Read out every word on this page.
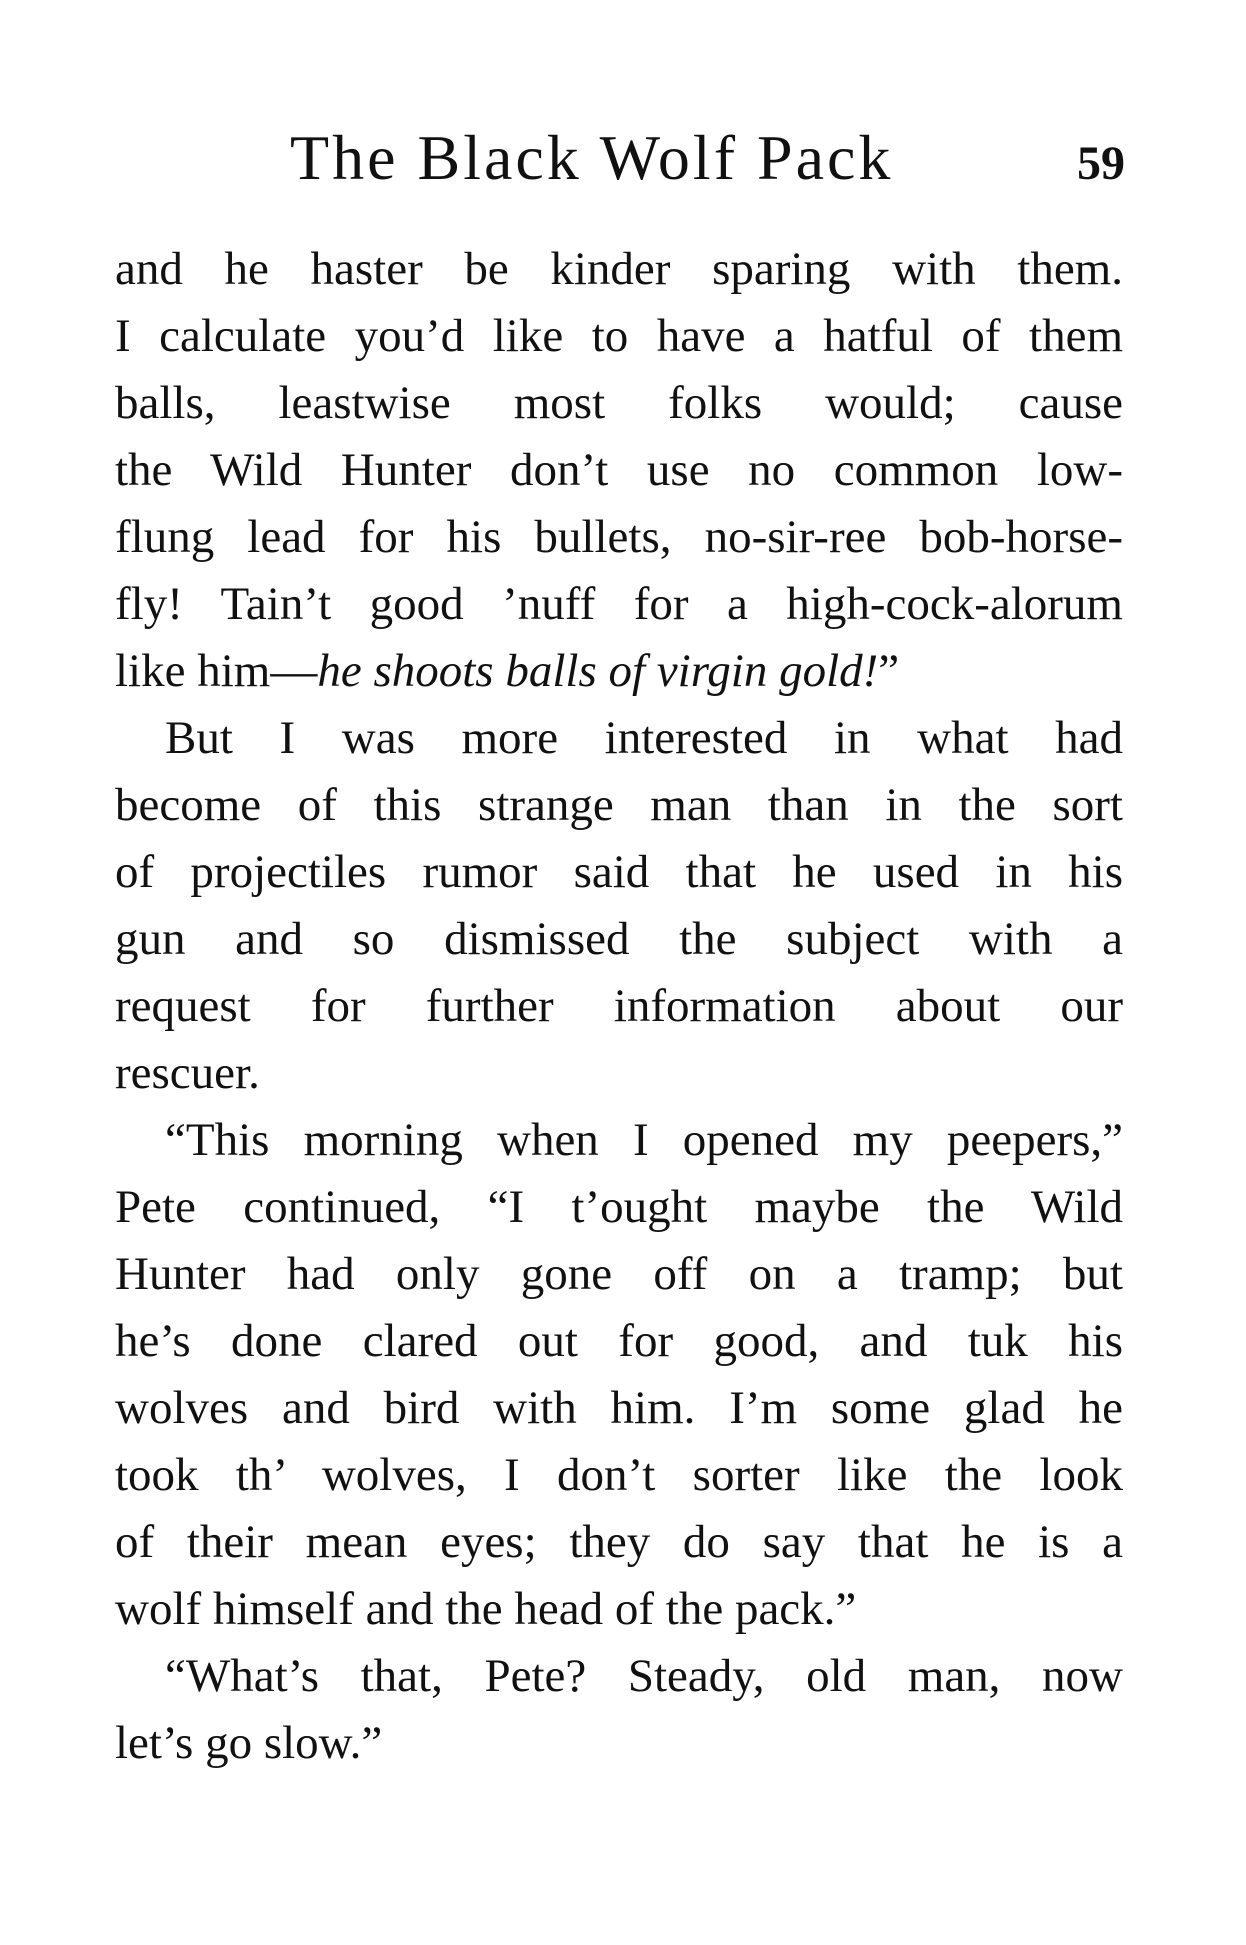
The Black Wolf Pack	59
and he haster be kinder sparing with them.
I calculate you’d like to have a hatful of them
balls, leastwise most folks would; cause
the Wild Hunter don’t use no common low-
flung lead for his bullets, no-sir-ree bob-horse-
fly! Tain’t good ’nuff for a high-cock-alorum
like him—he shoots balls of virgin gold!”
But I was more interested in what had
become of this strange man than in the sort
of projectiles rumor said that he used in his
gun and so dismissed the subject with a
request for further information about our
rescuer.
“This morning when I opened my peepers,”
Pete continued, “I t’ought maybe the Wild
Hunter had only gone off on a tramp; but
he’s done clared out for good, and tuk his
wolves and bird with him. I’m some glad he
took th’ wolves, I don’t sorter like the look
of their mean eyes; they do say that he is a
wolf himself and the head of the pack.”
“What’s that, Pete? Steady, old man, now
let’s go slow.”
